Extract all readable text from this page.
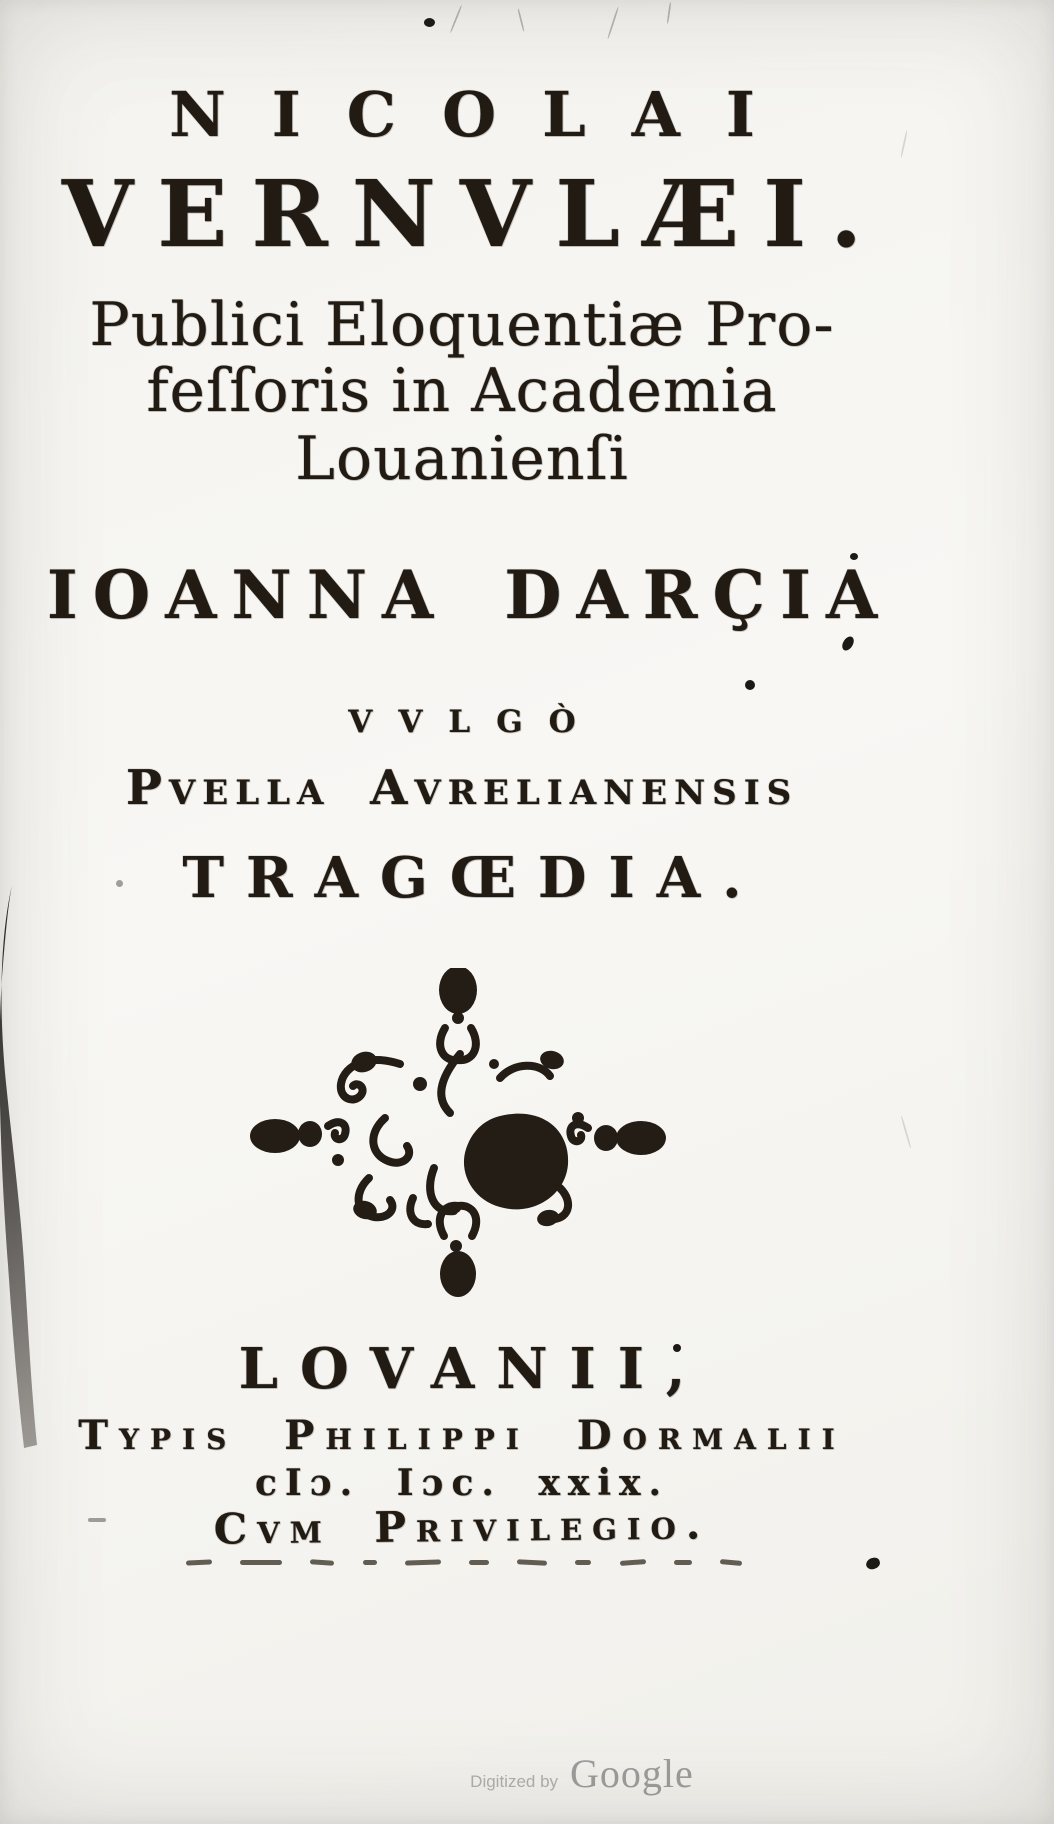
NICOLAI
VERNVLÆI.
Publici Eloquentiæ Pro-
feſſoris in Academia
Louanienſi
IOANNA DARÇIA
vvlgò
Pvella Avrelianensis
TRAGŒDIA.
LOVANII,
Typis Philippi Dormalii
cIɔ. Iɔc. xxix.
Cvm Privilegio.
Digitized by Google
